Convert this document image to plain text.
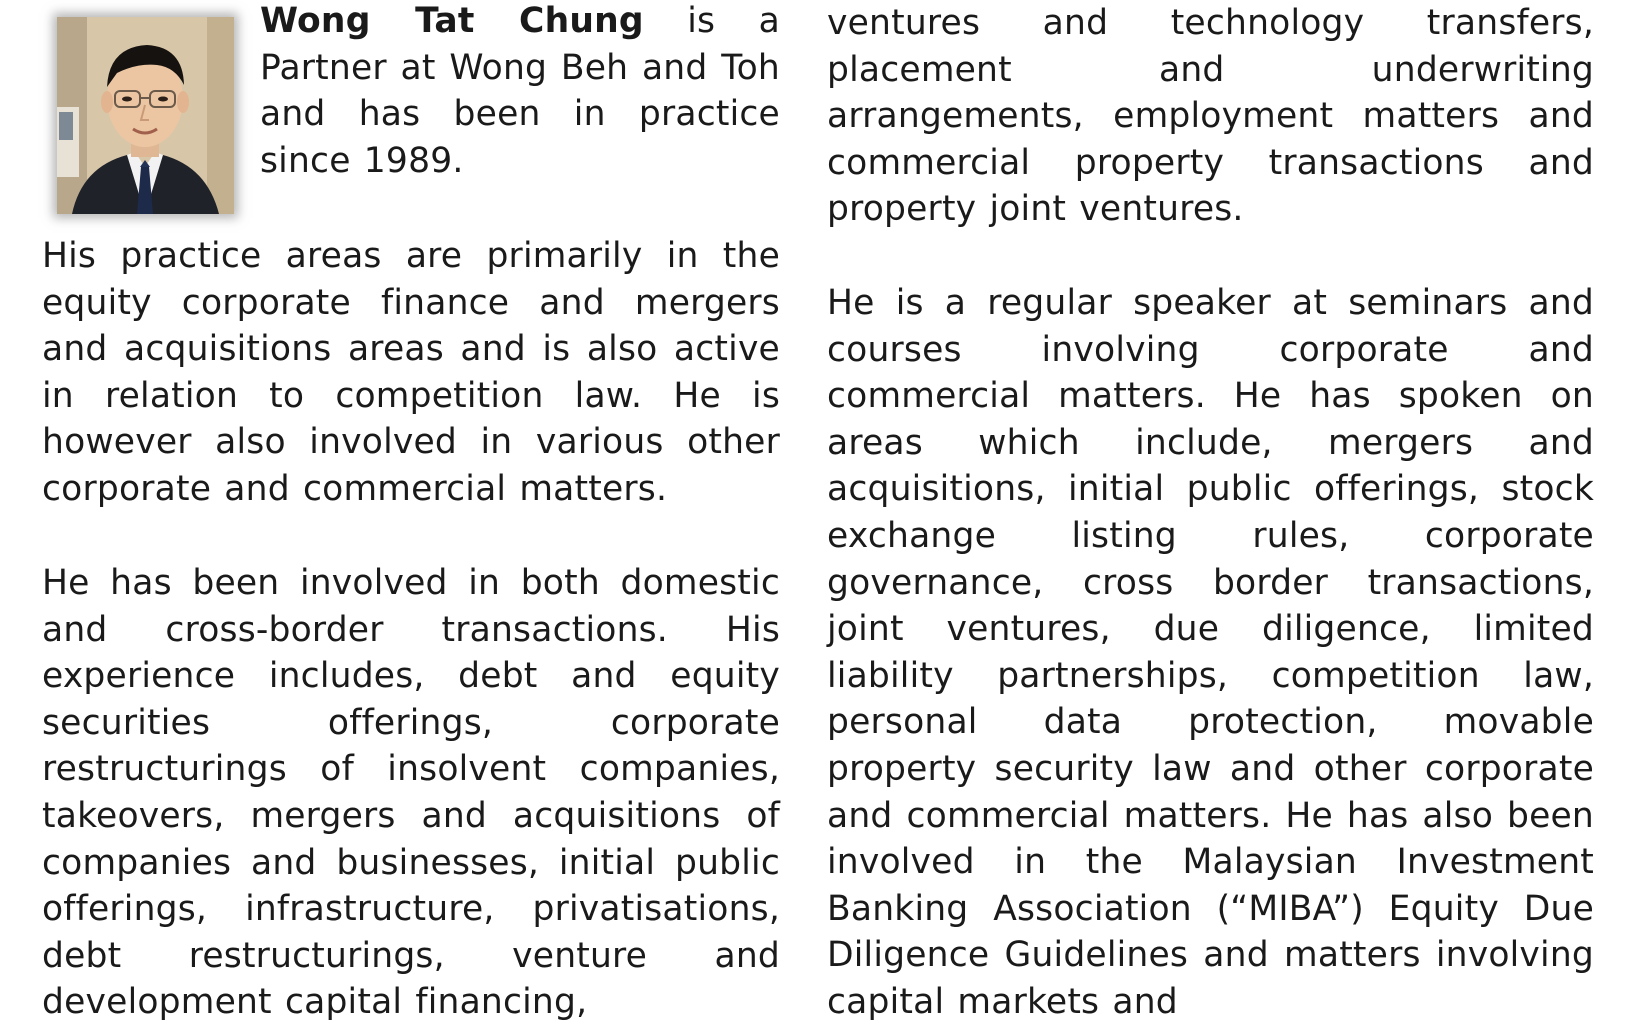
Wong Tat Chung is a Partner at Wong Beh and Toh and has been in practice since 1989.

His practice areas are primarily in the equity corporate finance and mergers and acquisitions areas and is also active in relation to competition law. He is however also involved in various other corporate and commercial matters.

He has been involved in both domestic and cross-border transactions. His experience includes, debt and equity securities offerings, corporate restructurings of insolvent companies, takeovers, mergers and acquisitions of companies and businesses, initial public offerings, infrastructure, privatisations, debt restructurings, venture and development capital financing,

ventures and technology transfers, placement and underwriting arrangements, employment matters and commercial property transactions and property joint ventures.

He is a regular speaker at seminars and courses involving corporate and commercial matters. He has spoken on areas which include, mergers and acquisitions, initial public offerings, stock exchange listing rules, corporate governance, cross border transactions, joint ventures, due diligence, limited liability partnerships, competition law, personal data protection, movable property security law and other corporate and commercial matters. He has also been involved in the Malaysian Investment Banking Association (“MIBA”) Equity Due Diligence Guidelines and matters involving capital markets and
